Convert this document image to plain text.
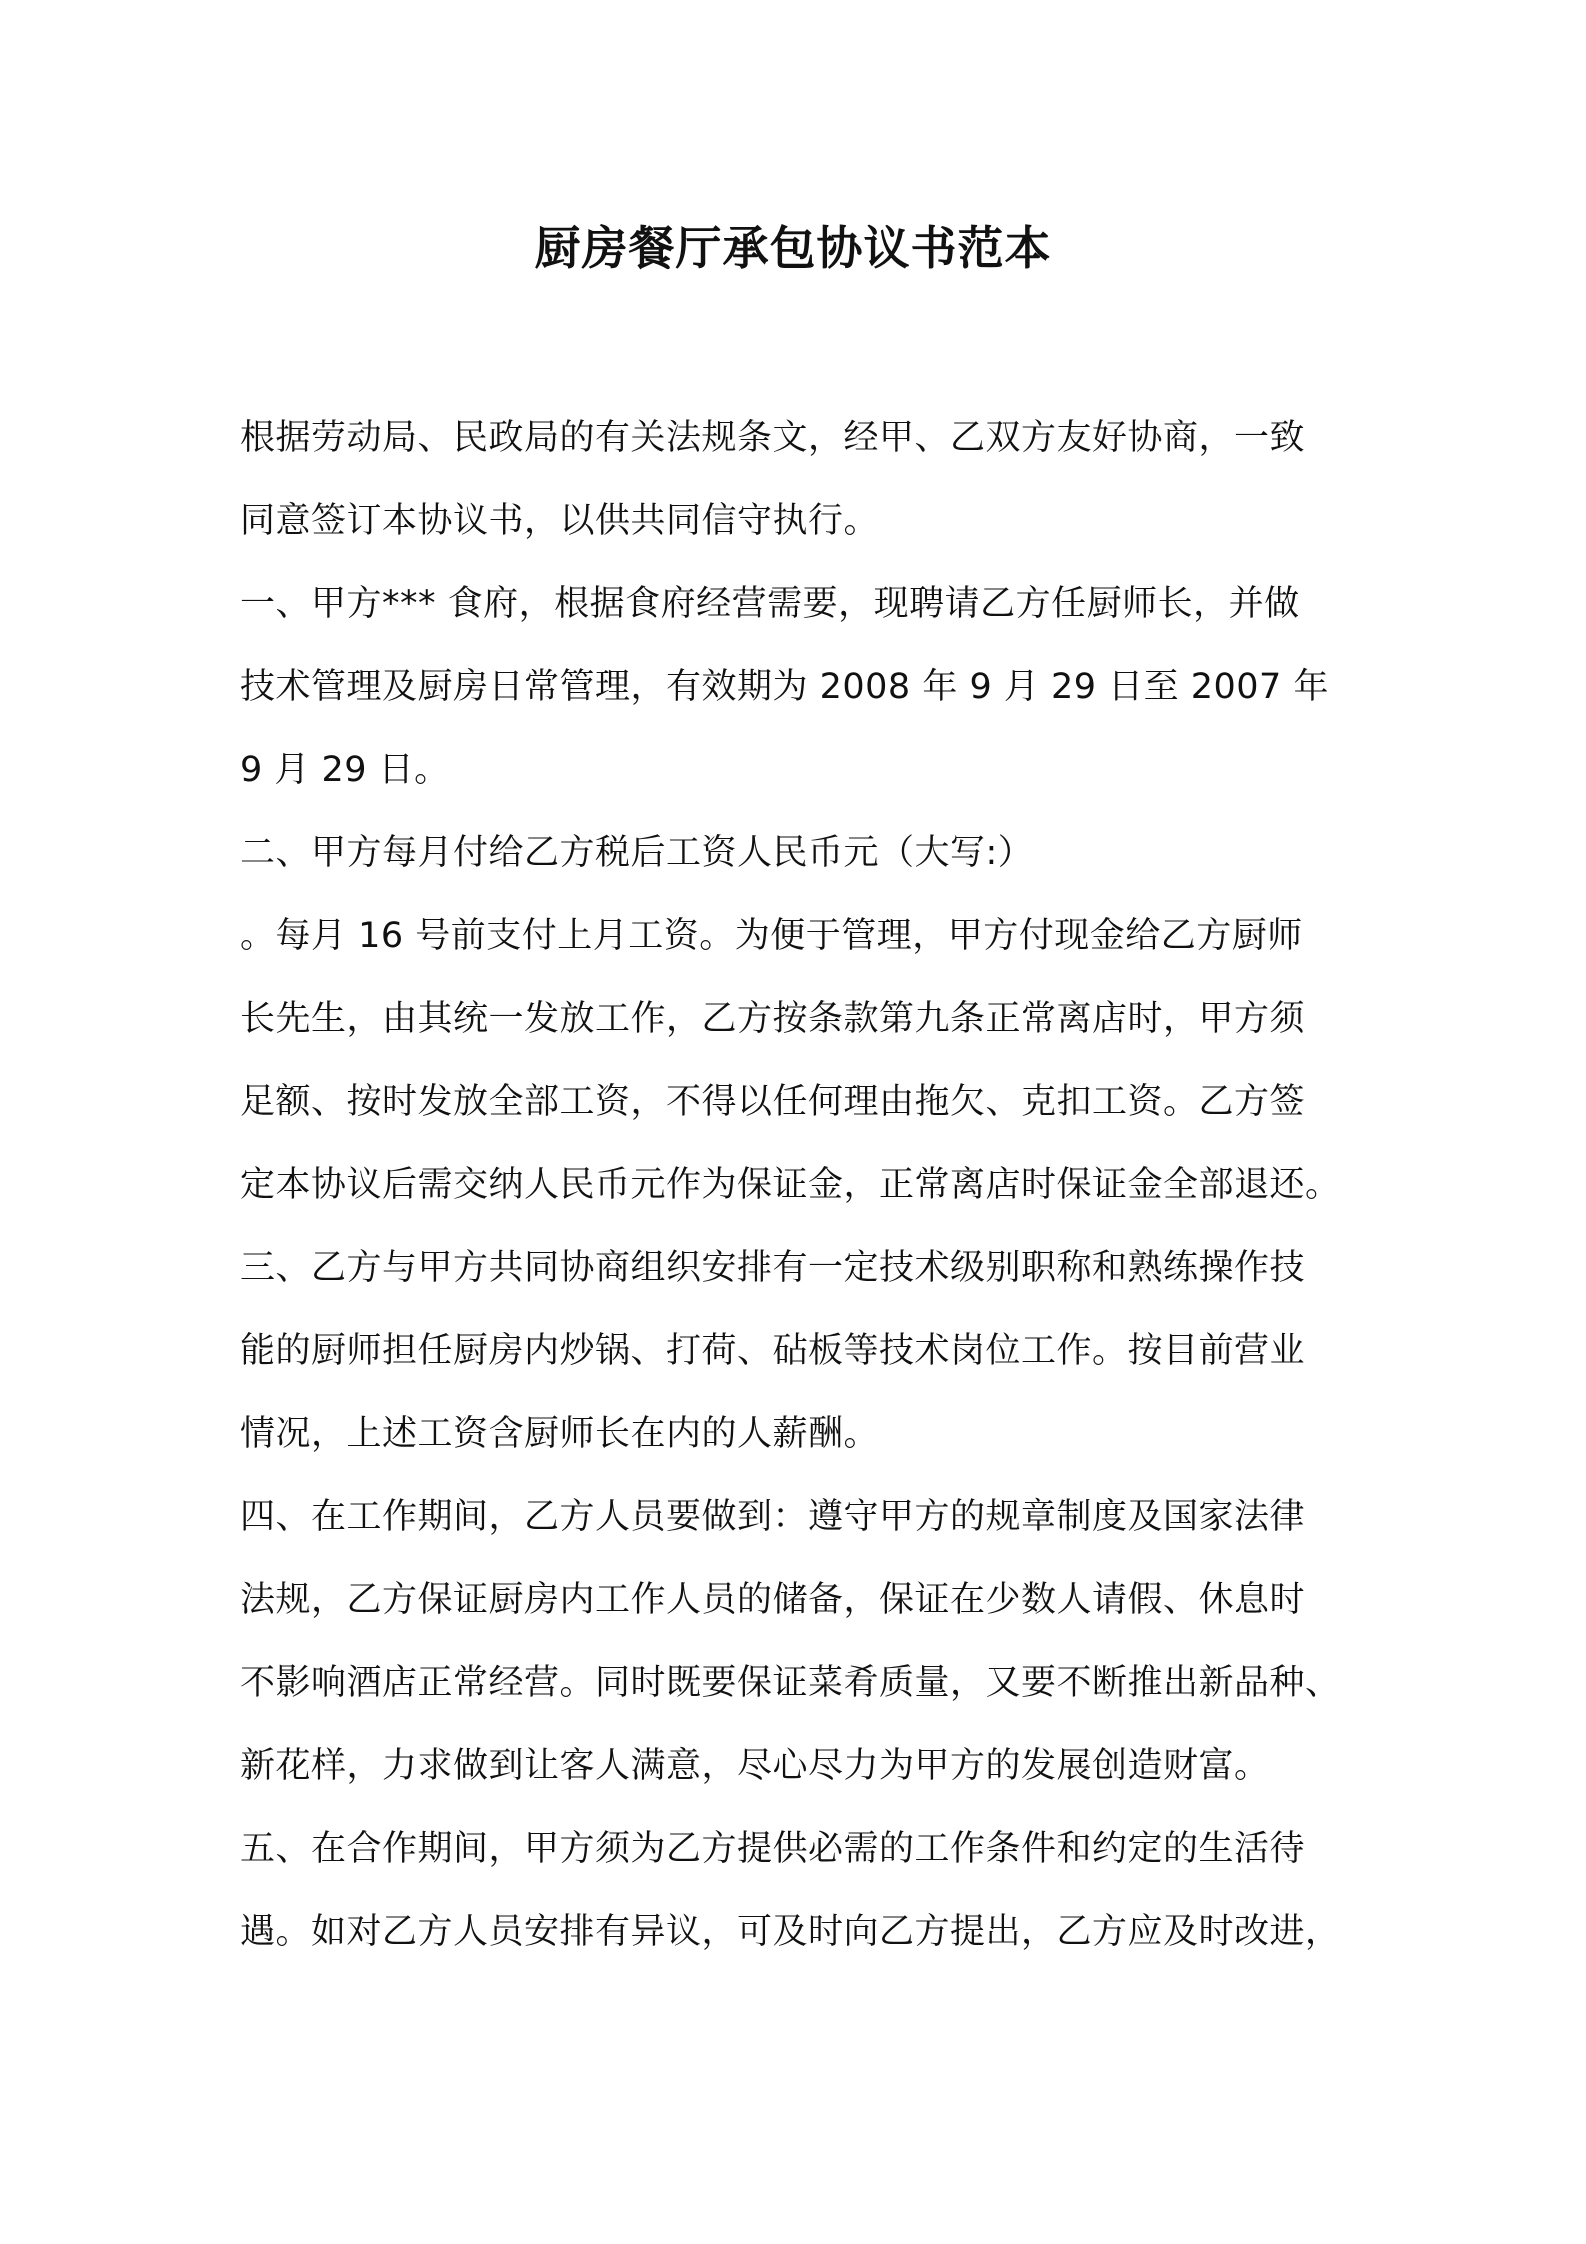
厨房餐厅承包协议书范本
根据劳动局、民政局的有关法规条文，经甲、乙双方友好协商，一致
同意签订本协议书，以供共同信守执行。
一、甲方*** 食府，根据食府经营需要，现聘请乙方任厨师长，并做
技术管理及厨房日常管理，有效期为 2008 年 9 月 29 日至 2007 年
9 月 29 日。
二、甲方每月付给乙方税后工资人民币元（大写:）
。每月 16 号前支付上月工资。为便于管理，甲方付现金给乙方厨师
长先生，由其统一发放工作，乙方按条款第九条正常离店时，甲方须
足额、按时发放全部工资，不得以任何理由拖欠、克扣工资。乙方签
定本协议后需交纳人民币元作为保证金，正常离店时保证金全部退还。
三、乙方与甲方共同协商组织安排有一定技术级别职称和熟练操作技
能的厨师担任厨房内炒锅、打荷、砧板等技术岗位工作。按目前营业
情况，上述工资含厨师长在内的人薪酬。
四、在工作期间，乙方人员要做到：遵守甲方的规章制度及国家法律
法规，乙方保证厨房内工作人员的储备，保证在少数人请假、休息时
不影响酒店正常经营。同时既要保证菜肴质量，又要不断推出新品种、
新花样，力求做到让客人满意，尽心尽力为甲方的发展创造财富。
五、在合作期间，甲方须为乙方提供必需的工作条件和约定的生活待
遇。如对乙方人员安排有异议，可及时向乙方提出，乙方应及时改进，
